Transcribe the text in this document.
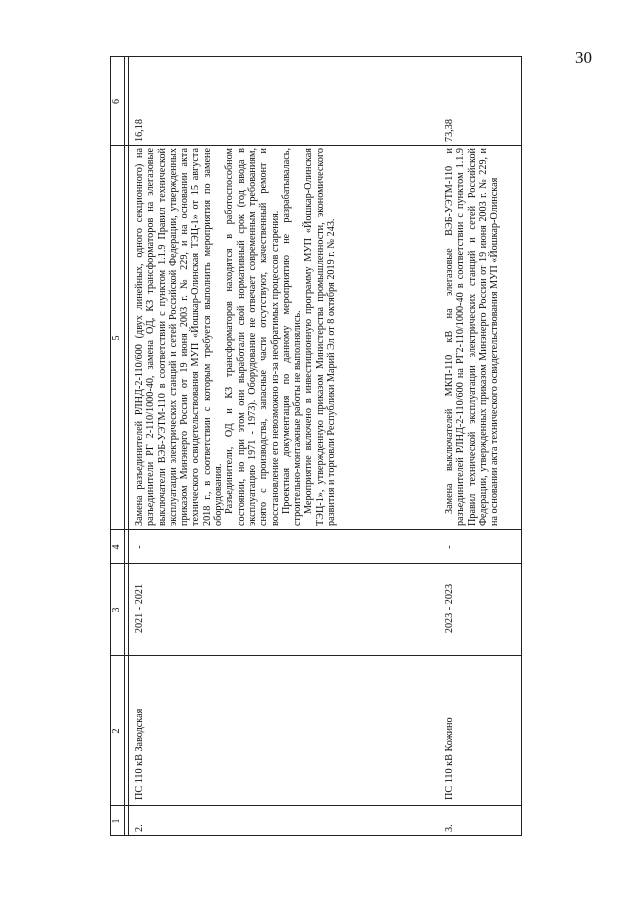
30
1
2
3
4
5
6
2.
ПС 110 кВ Заводская
2021 - 2021
-

Замена разъединителей РЛНД-2-110/600 (двух линейных, одного секционного) на разъединители РГ 2-110/1000-40, замена ОД, КЗ трансформаторов на элегазовые выключатели ВЭБ-УЭТМ-110 в соответствии с пунктом 1.1.9 Правил технической эксплуатации электрических станций и сетей Российской Федерации, утвержденных приказом Минэнерго России от 19 июня 2003 г. № 229, и на основании акта технического освидетельствования МУП «Йошкар-Олинская ТЭЦ-1» от 15 августа 2018 г., в соответствии с которым требуется выполнить мероприятия по замене оборудования. Разъединители, ОД и КЗ трансформаторов находятся в работоспособном состоянии, но при этом они выработали свой нормативный срок (год ввода в эксплуатацию 1971 - 1973). Оборудование не отвечает современным требованиям, снято с производства, запасные части отсутствуют, качественный ремонт и восстановление его невозможно из-за необратимых процессов старения. Проектная документация по данному мероприятию не разрабатывалась, строительно-монтажные работы не выполнялись. Мероприятие включено в инвестиционную программу МУП «Йошкар-Олинская ТЭЦ-1», утвержденную приказом Министерства промышленности, экономического развития и торговли Республики Марий Эл от 8 октября 2019 г. № 243.

16,18
3.
ПС 110 кВ Кожино
2023 - 2023
-

Замена выключателей МКП-110 кВ на элегазовые ВЭБ-УЭТМ-110 и разъединителей РЛНД-2-110/600 на РГ2-110/1000-40 в соответствии с пунктом 1.1.9 Правил технической эксплуатации электрических станций и сетей Российской Федерации, утвержденных приказом Минэнерго России от 19 июня 2003 г. № 229, и на основании акта технического освидетельствования МУП «Йошкар-Олинская

73,38
